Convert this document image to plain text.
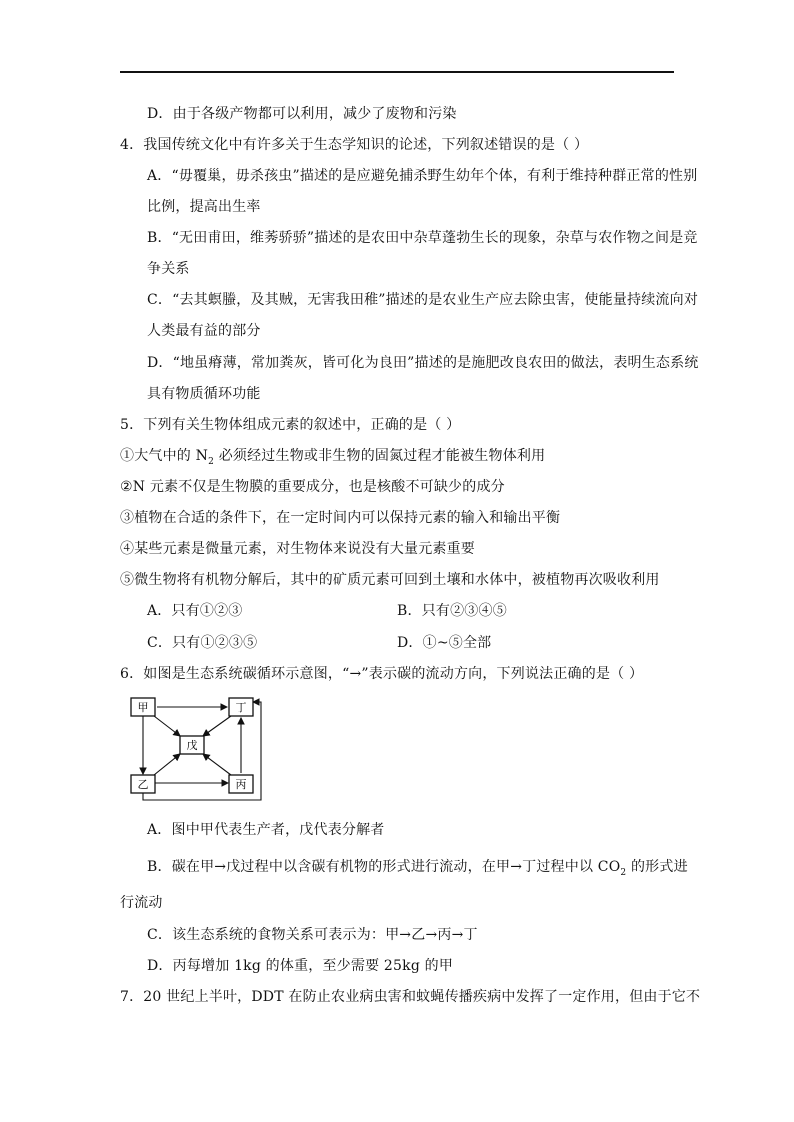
D．由于各级产物都可以利用，减少了废物和污染
4．我国传统文化中有许多关于生态学知识的论述，下列叙述错误的是（ ）
A．“毋覆巢，毋杀孩虫”描述的是应避免捕杀野生幼年个体，有利于维持种群正常的性别
比例，提高出生率
B．“无田甫田，维莠骄骄”描述的是农田中杂草蓬勃生长的现象，杂草与农作物之间是竞
争关系
C．“去其螟螣，及其贼，无害我田稚”描述的是农业生产应去除虫害，使能量持续流向对
人类最有益的部分
D．“地虽瘠薄，常加粪灰，皆可化为良田”描述的是施肥改良农田的做法，表明生态系统
具有物质循环功能
5．下列有关生物体组成元素的叙述中，正确的是（ ）
①大气中的 $N_2$ 必须经过生物或非生物的固氮过程才能被生物体利用
②N 元素不仅是生物膜的重要成分，也是核酸不可缺少的成分
③植物在合适的条件下，在一定时间内可以保持元素的输入和输出平衡
④某些元素是微量元素，对生物体来说没有大量元素重要
⑤微生物将有机物分解后，其中的矿质元素可回到土壤和水体中，被植物再次吸收利用
A．只有①②③	B．只有②③④⑤
C．只有①②③⑤	D．①~⑤全部
6．如图是生态系统碳循环示意图，“→”表示碳的流动方向，下列说法正确的是（ ）
甲	丁
戊
乙	丙
A．图中甲代表生产者，戊代表分解者
B．碳在甲→戊过程中以含碳有机物的形式进行流动，在甲→丁过程中以 $CO_2$ 的形式进
行流动
C．该生态系统的食物关系可表示为：甲→乙→丙→丁
D．丙每增加 1kg 的体重，至少需要 25kg 的甲
7．20 世纪上半叶，DDT 在防止农业病虫害和蚊蝇传播疾病中发挥了一定作用，但由于它不
